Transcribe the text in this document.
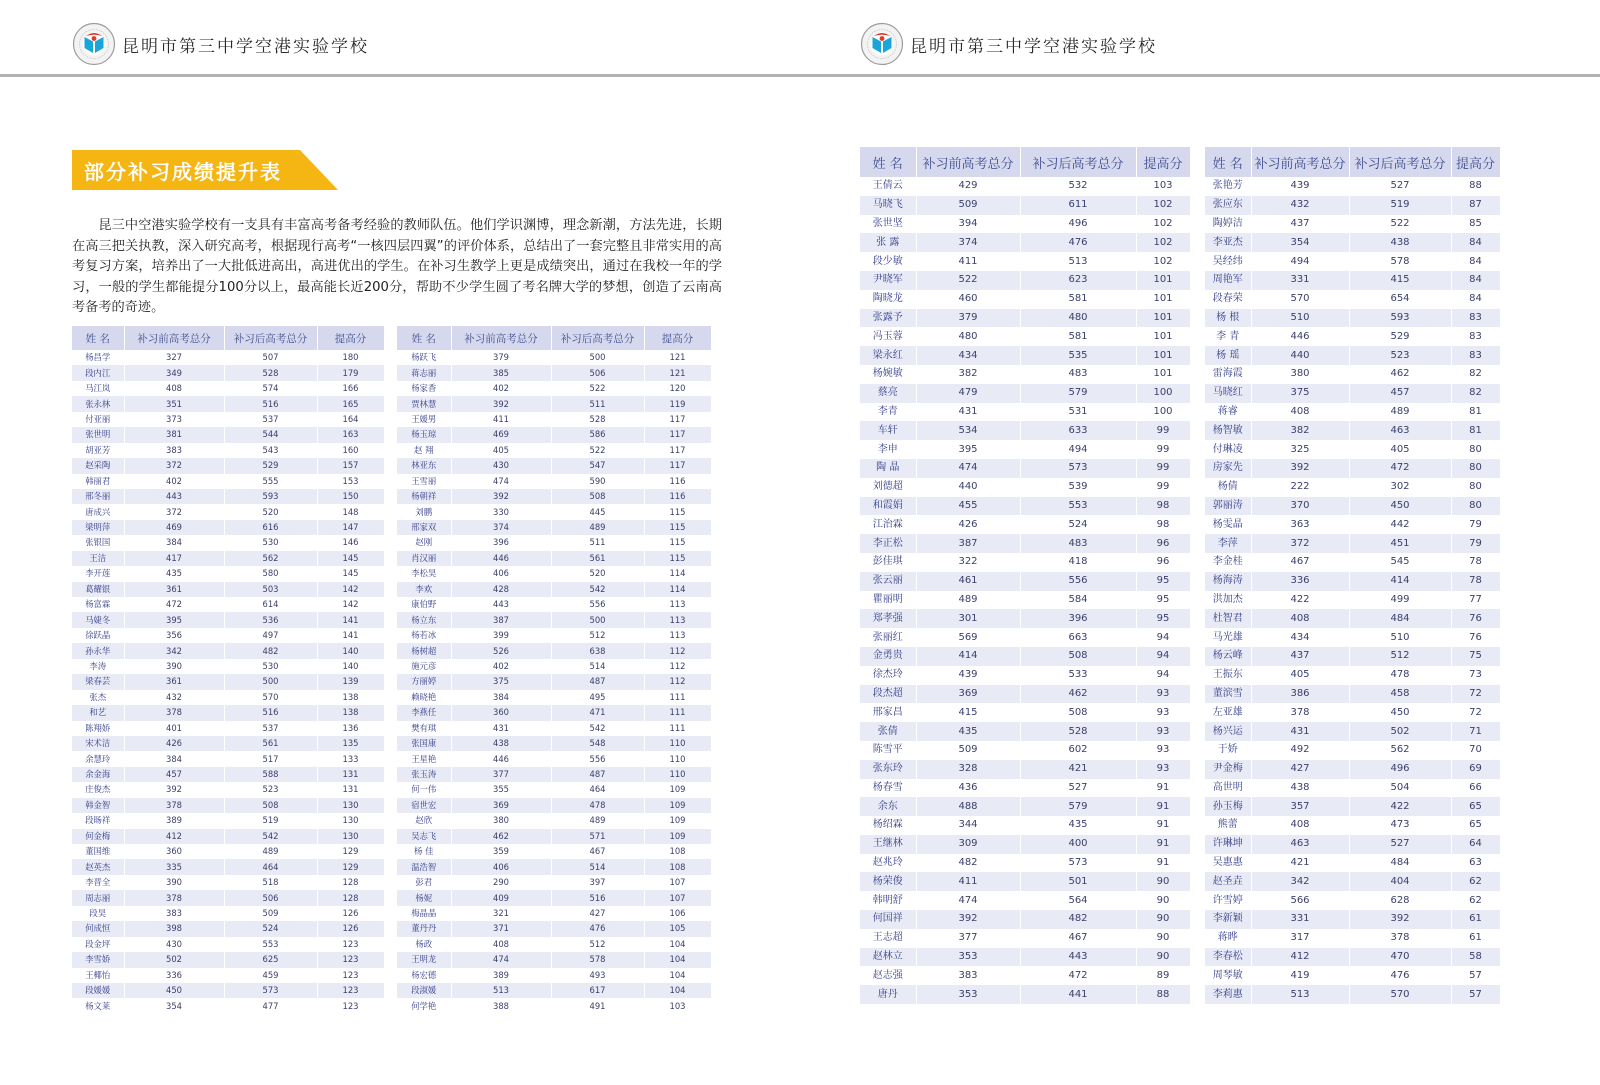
昆明市第三中学空港实验学校	昆明市第三中学空港实验学校
部分补习成绩提升表

昆三中空港实验学校有一支具有丰富高考备考经验的教师队伍。他们学识渊博，理念新潮，方法先进，长期在高三把关执教，深入研究高考，根据现行高考“一核四层四翼”的评价体系，总结出了一套完整且非常实用的高考复习方案，培养出了一大批低进高出，高进优出的学生。在补习生教学上更是成绩突出，通过在我校一年的学习，一般的学生都能提分100分以上，最高能长近200分，帮助不少学生圆了考名牌大学的梦想，创造了云南高考备考的奇迹。

姓 名	补习前高考总分	补习后高考总分	提高分
杨昌学	327	507	180
段内江	349	528	179
马江岚	408	574	166
张永林	351	516	165
付亚丽	373	537	164
张世明	381	544	163
胡亚芳	383	543	160
赵采陶	372	529	157
韩丽君	402	555	153
邢冬丽	443	593	150
唐成兴	372	520	148
梁明萍	469	616	147
张银国	384	530	146
王洁	417	562	145
李开莲	435	580	145
葛耀银	361	503	142
杨富霖	472	614	142
马婕冬	395	536	141
徐跃晶	356	497	141
孙永华	342	482	140
李涛	390	530	140
梁春芸	361	500	139
张杰	432	570	138
和艺	378	516	138
陈翔娇	401	537	136
宋术洁	426	561	135
余慧玲	384	517	133
余金海	457	588	131
庄俊杰	392	523	131
韩金智	378	508	130
段旸祥	389	519	130
何金梅	412	542	130
董国维	360	489	129
赵英杰	335	464	129
李晋全	390	518	128
周志丽	378	506	128
段昊	383	509	126
何成恒	398	524	126
段金坪	430	553	123
李雪娇	502	625	123
王椰怡	336	459	123
段媛媛	450	573	123
杨文莱	354	477	123
姓 名	补习前高考总分	补习后高考总分	提高分
杨跃飞	379	500	121
蒋志丽	385	506	121
杨家香	402	522	120
贾林慧	392	511	119
王媛男	411	528	117
杨玉琼	469	586	117
赵 翔	405	522	117
林亚东	430	547	117
王雪丽	474	590	116
杨朝祥	392	508	116
刘鹏	330	445	115
邢家双	374	489	115
赵刚	396	511	115
肖汉丽	446	561	115
李松昊	406	520	114
李欢	428	542	114
康伯野	443	556	113
杨立东	387	500	113
杨若冰	399	512	113
杨树超	526	638	112
施元彦	402	514	112
方丽婷	375	487	112
赖晓艳	384	495	111
李燕任	360	471	111
樊有琪	431	542	111
张国康	438	548	110
王星艳	446	556	110
张玉涛	377	487	110
何一伟	355	464	109
宿世宏	369	478	109
赵欣	380	489	109
吴志飞	462	571	109
杨 佳	359	467	108
温浩智	406	514	108
彭君	290	397	107
杨妮	409	516	107
梅晶晶	321	427	106
董丹丹	371	476	105
杨政	408	512	104
王明龙	474	578	104
杨宏德	389	493	104
段淑媛	513	617	104
何学艳	388	491	103
姓 名	补习前高考总分	补习后高考总分	提高分
王倩云	429	532	103
马晓飞	509	611	102
张世坚	394	496	102
张 露	374	476	102
段少敏	411	513	102
尹晓军	522	623	101
陶晓龙	460	581	101
张露予	379	480	101
冯玉蓉	480	581	101
梁永红	434	535	101
杨婉敏	382	483	101
蔡亮	479	579	100
李青	431	531	100
车轩	534	633	99
李申	395	494	99
陶 晶	474	573	99
刘德超	440	539	99
和霞娟	455	553	98
江治霖	426	524	98
李正松	387	483	96
彭佳琪	322	418	96
张云丽	461	556	95
瞿丽明	489	584	95
郑孝强	301	396	95
张丽红	569	663	94
金勇贵	414	508	94
徐杰玲	439	533	94
段杰超	369	462	93
邢家昌	415	508	93
张倩	435	528	93
陈雪平	509	602	93
张东玲	328	421	93
杨春雪	436	527	91
余东	488	579	91
杨绍霖	344	435	91
王继林	309	400	91
赵兆玲	482	573	91
杨荣俊	411	501	90
韩明舒	474	564	90
何国祥	392	482	90
王志超	377	467	90
赵林立	353	443	90
赵志强	383	472	89
唐丹	353	441	88
姓 名	补习前高考总分	补习后高考总分	提高分
张艳芳	439	527	88
张应东	432	519	87
陶婷洁	437	522	85
李亚杰	354	438	84
吴经纬	494	578	84
周艳军	331	415	84
段春荣	570	654	84
杨 根	510	593	83
李 青	446	529	83
杨 瑶	440	523	83
雷海霞	380	462	82
马晓红	375	457	82
蒋睿	408	489	81
杨智敏	382	463	81
付琳凌	325	405	80
房家先	392	472	80
杨倩	222	302	80
郭丽涛	370	450	80
杨雯晶	363	442	79
李萍	372	451	79
李金桂	467	545	78
杨海涛	336	414	78
洪加杰	422	499	77
杜智君	408	484	76
马光雄	434	510	76
杨云峰	437	512	75
王振东	405	478	73
董滨雪	386	458	72
左亚雄	378	450	72
杨兴运	431	502	71
于娇	492	562	70
尹金梅	427	496	69
高世明	438	504	66
孙玉梅	357	422	65
熊蕾	408	473	65
许琳坤	463	527	64
吴惠惠	421	484	63
赵圣垚	342	404	62
许雪婷	566	628	62
李新颖	331	392	61
蒋晔	317	378	61
李春松	412	470	58
周琴敏	419	476	57
李莉惠	513	570	57
